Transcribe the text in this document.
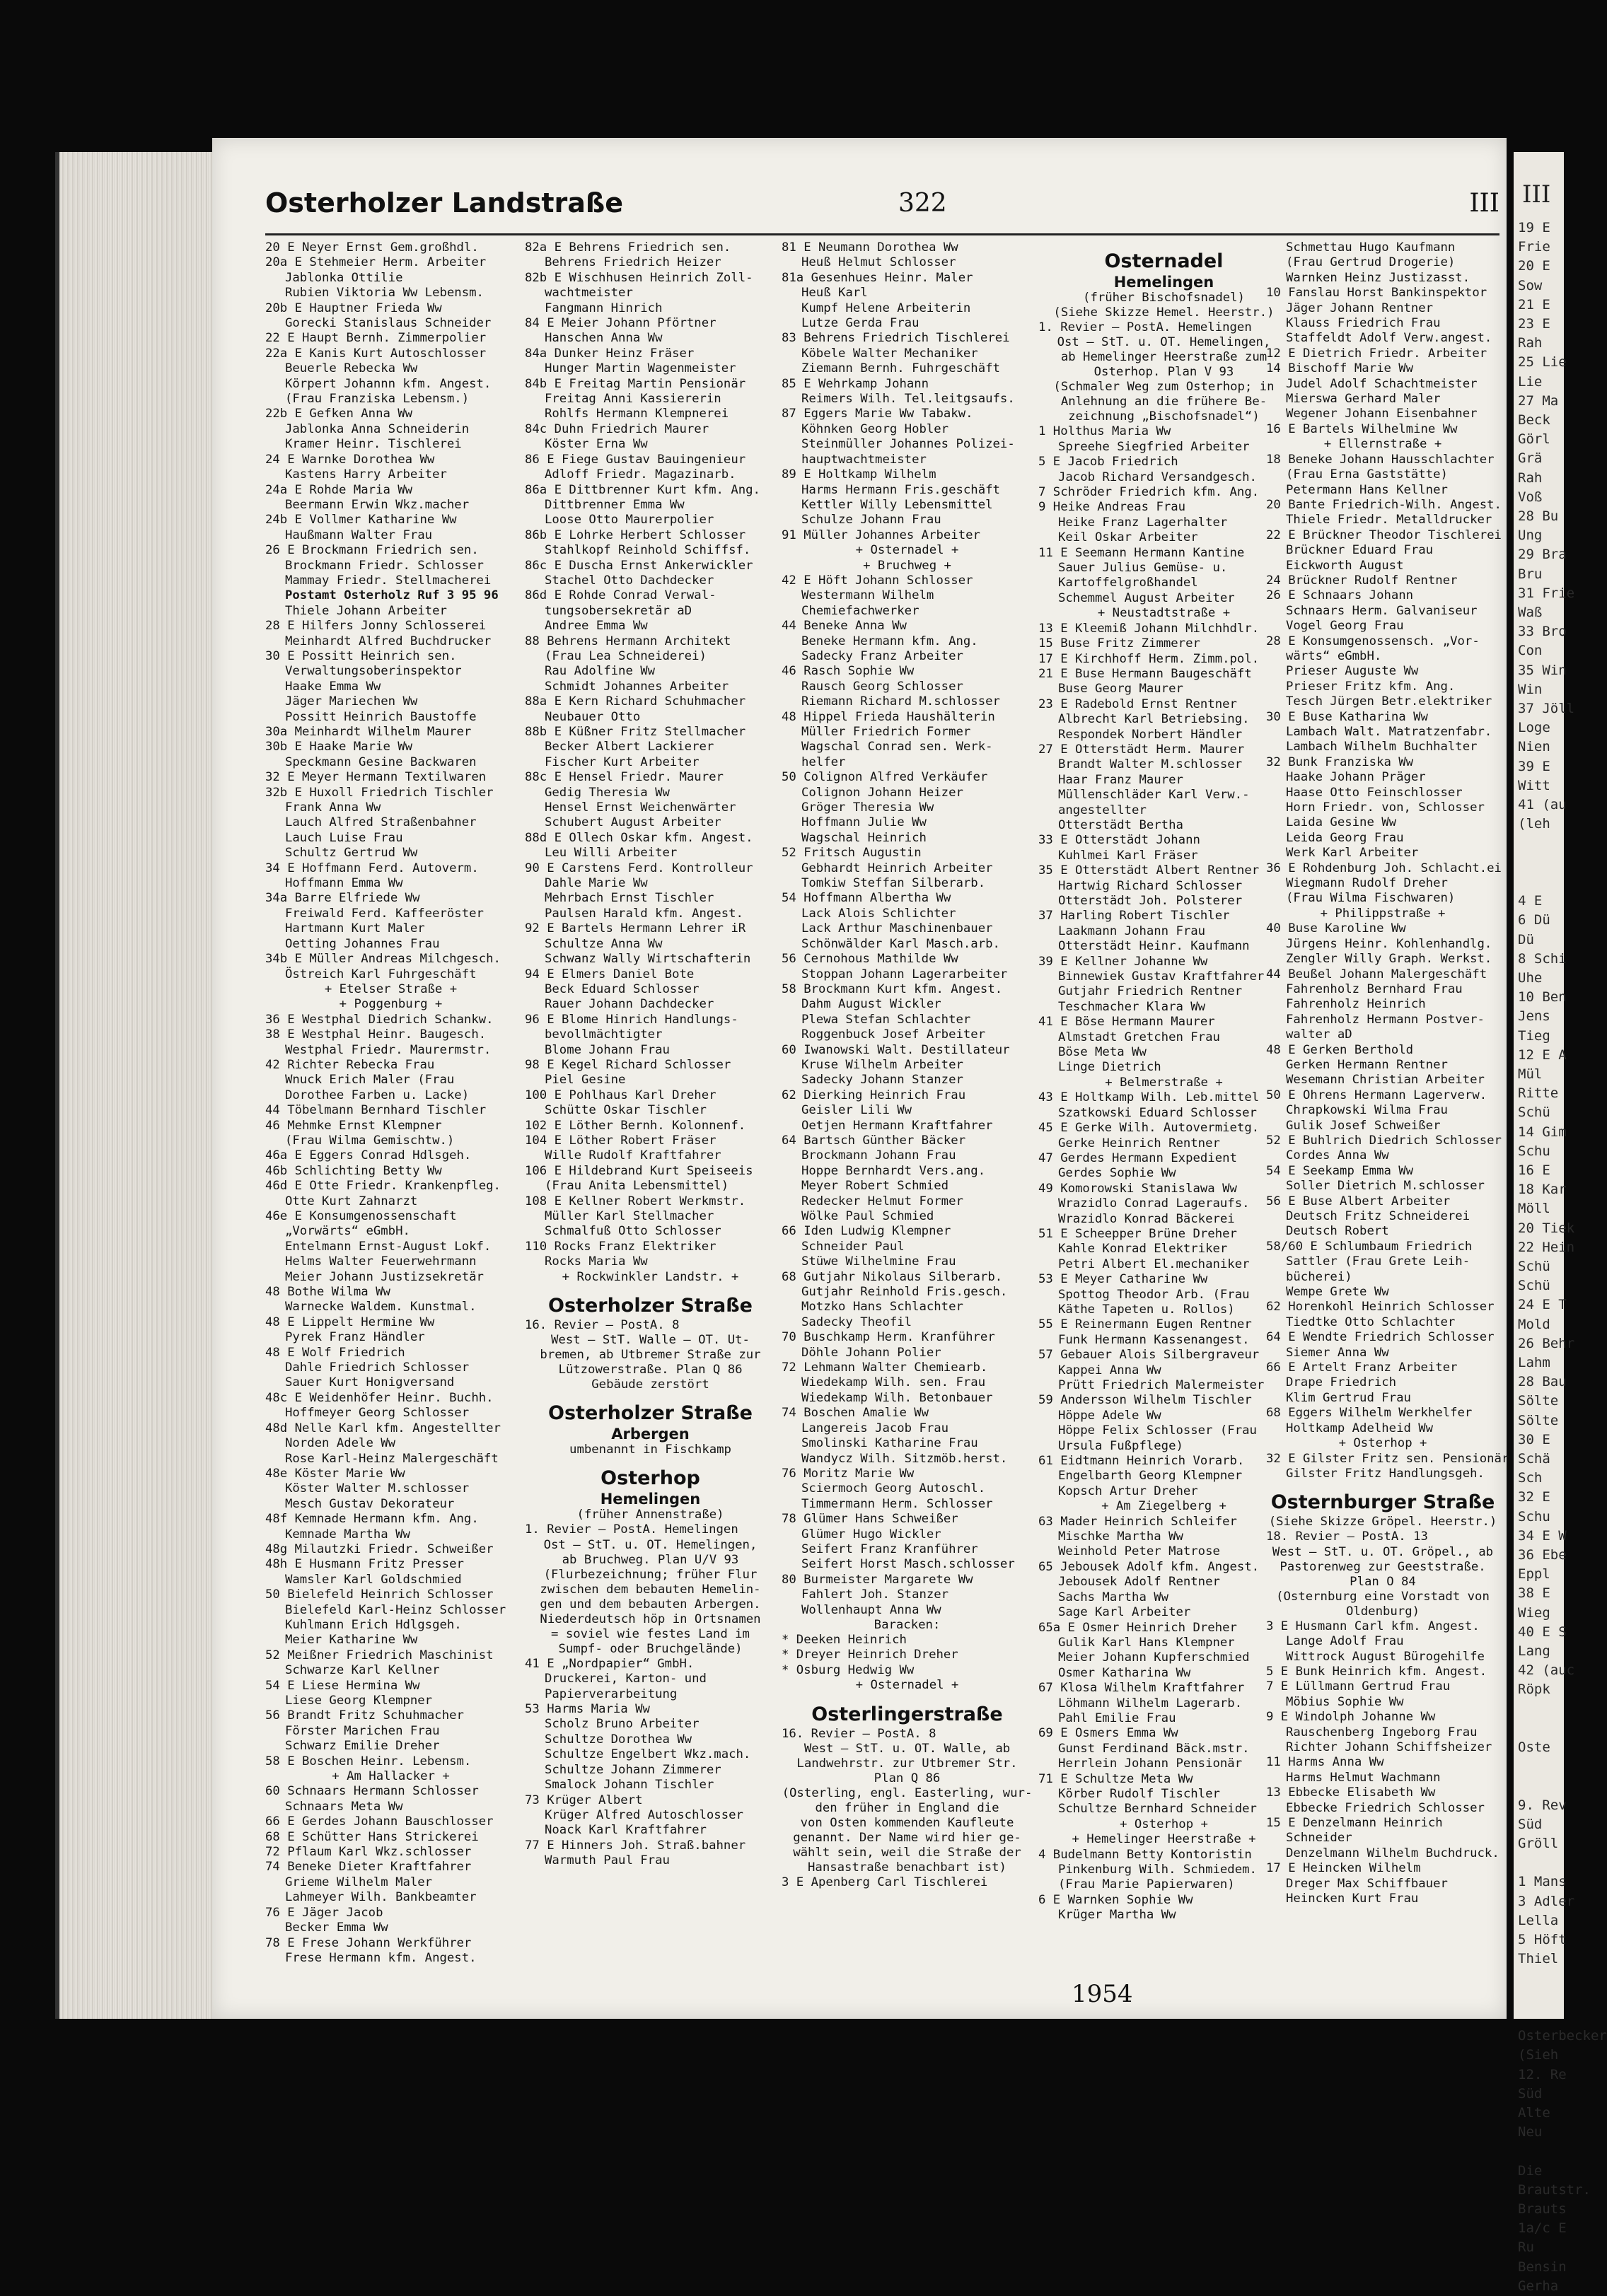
Osterholzer Landstraße	322	III
20 E Neyer Ernst Gem.großhdl.
20a E Stehmeier Herm. Arbeiter
Jablonka Ottilie
Rubien Viktoria Ww Lebensm.
20b E Hauptner Frieda Ww
Gorecki Stanislaus Schneider
22 E Haupt Bernh. Zimmerpolier
22a E Kanis Kurt Autoschlosser
Beuerle Rebecka Ww
Körpert Johannn kfm. Angest.
(Frau Franziska Lebensm.)
22b E Gefken Anna Ww
Jablonka Anna Schneiderin
Kramer Heinr. Tischlerei
24 E Warnke Dorothea Ww
Kastens Harry Arbeiter
24a E Rohde Maria Ww
Beermann Erwin Wkz.macher
24b E Vollmer Katharine Ww
Haußmann Walter Frau
26 E Brockmann Friedrich sen.
Brockmann Friedr. Schlosser
Mammay Friedr. Stellmacherei
Postamt Osterholz Ruf 3 95 96
Thiele Johann Arbeiter
28 E Hilfers Jonny Schlosserei
Meinhardt Alfred Buchdrucker
30 E Possitt Heinrich sen.
Verwaltungsoberinspektor
Haake Emma Ww
Jäger Mariechen Ww
Possitt Heinrich Baustoffe
30a Meinhardt Wilhelm Maurer
30b E Haake Marie Ww
Speckmann Gesine Backwaren
32 E Meyer Hermann Textilwaren
32b E Huxoll Friedrich Tischler
Frank Anna Ww
Lauch Alfred Straßenbahner
Lauch Luise Frau
Schultz Gertrud Ww
34 E Hoffmann Ferd. Autoverm.
Hoffmann Emma Ww
34a Barre Elfriede Ww
Freiwald Ferd. Kaffeeröster
Hartmann Kurt Maler
Oetting Johannes Frau
34b E Müller Andreas Milchgesch.
Östreich Karl Fuhrgeschäft
+ Etelser Straße +
+ Poggenburg +
36 E Westphal Diedrich Schankw.
38 E Westphal Heinr. Baugesch.
Westphal Friedr. Maurermstr.
42 Richter Rebecka Frau
Wnuck Erich Maler (Frau
Dorothee Farben u. Lacke)
44 Töbelmann Bernhard Tischler
46 Mehmke Ernst Klempner
(Frau Wilma Gemischtw.)
46a E Eggers Conrad Hdlsgeh.
46b Schlichting Betty Ww
46d E Otte Friedr. Krankenpfleg.
Otte Kurt Zahnarzt
46e E Konsumgenossenschaft
„Vorwärts“ eGmbH.
Entelmann Ernst-August Lokf.
Helms Walter Feuerwehrmann
Meier Johann Justizsekretär
48 Bothe Wilma Ww
Warnecke Waldem. Kunstmal.
48 E Lippelt Hermine Ww
Pyrek Franz Händler
48 E Wolf Friedrich
Dahle Friedrich Schlosser
Sauer Kurt Honigversand
48c E Weidenhöfer Heinr. Buchh.
Hoffmeyer Georg Schlosser
48d Nelle Karl kfm. Angestellter
Norden Adele Ww
Rose Karl-Heinz Malergeschäft
48e Köster Marie Ww
Köster Walter M.schlosser
Mesch Gustav Dekorateur
48f Kemnade Hermann kfm. Ang.
Kemnade Martha Ww
48g Milautzki Friedr. Schweißer
48h E Husmann Fritz Presser
Wamsler Karl Goldschmied
50 Bielefeld Heinrich Schlosser
Bielefeld Karl-Heinz Schlosser
Kuhlmann Erich Hdlgsgeh.
Meier Katharine Ww
52 Meißner Friedrich Maschinist
Schwarze Karl Kellner
54 E Liese Hermina Ww
Liese Georg Klempner
56 Brandt Fritz Schuhmacher
Förster Marichen Frau
Schwarz Emilie Dreher
58 E Boschen Heinr. Lebensm.
+ Am Hallacker +
60 Schnaars Hermann Schlosser
Schnaars Meta Ww
66 E Gerdes Johann Bauschlosser
68 E Schütter Hans Strickerei
72 Pflaum Karl Wkz.schlosser
74 Beneke Dieter Kraftfahrer
Grieme Wilhelm Maler
Lahmeyer Wilh. Bankbeamter
76 E Jäger Jacob
Becker Emma Ww
78 E Frese Johann Werkführer
Frese Hermann kfm. Angest.
82a E Behrens Friedrich sen.
Behrens Friedrich Heizer
82b E Wischhusen Heinrich Zoll-
wachtmeister
Fangmann Hinrich
84 E Meier Johann Pförtner
Hanschen Anna Ww
84a Dunker Heinz Fräser
Hunger Martin Wagenmeister
84b E Freitag Martin Pensionär
Freitag Anni Kassiererin
Rohlfs Hermann Klempnerei
84c Duhn Friedrich Maurer
Köster Erna Ww
86 E Fiege Gustav Bauingenieur
Adloff Friedr. Magazinarb.
86a E Dittbrenner Kurt kfm. Ang.
Dittbrenner Emma Ww
Loose Otto Maurerpolier
86b E Lohrke Herbert Schlosser
Stahlkopf Reinhold Schiffsf.
86c E Duscha Ernst Ankerwickler
Stachel Otto Dachdecker
86d E Rohde Conrad Verwal-
tungsobersekretär aD
Andree Emma Ww
88 Behrens Hermann Architekt
(Frau Lea Schneiderei)
Rau Adolfine Ww
Schmidt Johannes Arbeiter
88a E Kern Richard Schuhmacher
Neubauer Otto
88b E Küßner Fritz Stellmacher
Becker Albert Lackierer
Fischer Kurt Arbeiter
88c E Hensel Friedr. Maurer
Gedig Theresia Ww
Hensel Ernst Weichenwärter
Schubert August Arbeiter
88d E Ollech Oskar kfm. Angest.
Leu Willi Arbeiter
90 E Carstens Ferd. Kontrolleur
Dahle Marie Ww
Mehrbach Ernst Tischler
Paulsen Harald kfm. Angest.
92 E Bartels Hermann Lehrer iR
Schultze Anna Ww
Schwanz Wally Wirtschafterin
94 E Elmers Daniel Bote
Beck Eduard Schlosser
Rauer Johann Dachdecker
96 E Blome Hinrich Handlungs-
bevollmächtigter
Blome Johann Frau
98 E Kegel Richard Schlosser
Piel Gesine
100 E Pohlhaus Karl Dreher
Schütte Oskar Tischler
102 E Löther Bernh. Kolonnenf.
104 E Löther Robert Fräser
Wille Rudolf Kraftfahrer
106 E Hildebrand Kurt Speiseeis
(Frau Anita Lebensmittel)
108 E Kellner Robert Werkmstr.
Müller Karl Stellmacher
Schmalfuß Otto Schlosser
110 Rocks Franz Elektriker
Rocks Maria Ww
+ Rockwinkler Landstr. +
Osterholzer Straße
16. Revier — PostA. 8
West — StT. Walle — OT. Ut-
bremen, ab Utbremer Straße zur
Lützowerstraße. Plan Q 86
Gebäude zerstört
Osterholzer Straße
Arbergen
umbenannt in Fischkamp
Osterhop
Hemelingen
(früher Annenstraße)
1. Revier — PostA. Hemelingen
Ost — StT. u. OT. Hemelingen,
ab Bruchweg. Plan U/V 93
(Flurbezeichnung; früher Flur
zwischen dem bebauten Hemelin-
gen und dem bebauten Arbergen.
Niederdeutsch höp in Ortsnamen
= soviel wie festes Land im
Sumpf- oder Bruchgelände)
41 E „Nordpapier“ GmbH.
Druckerei, Karton- und
Papierverarbeitung
53 Harms Maria Ww
Scholz Bruno Arbeiter
Schultze Dorothea Ww
Schultze Engelbert Wkz.mach.
Schultze Johann Zimmerer
Smalock Johann Tischler
73 Krüger Albert
Krüger Alfred Autoschlosser
Noack Karl Kraftfahrer
77 E Hinners Joh. Straß.bahner
Warmuth Paul Frau
81 E Neumann Dorothea Ww
Heuß Helmut Schlosser
81a Gesenhues Heinr. Maler
Heuß Karl
Kumpf Helene Arbeiterin
Lutze Gerda Frau
83 Behrens Friedrich Tischlerei
Köbele Walter Mechaniker
Ziemann Bernh. Fuhrgeschäft
85 E Wehrkamp Johann
Reimers Wilh. Tel.leitgsaufs.
87 Eggers Marie Ww Tabakw.
Köhnken Georg Hobler
Steinmüller Johannes Polizei-
hauptwachtmeister
89 E Holtkamp Wilhelm
Harms Hermann Fris.geschäft
Kettler Willy Lebensmittel
Schulze Johann Frau
91 Müller Johannes Arbeiter
+ Osternadel +
+ Bruchweg +
42 E Höft Johann Schlosser
Westermann Wilhelm
Chemiefachwerker
44 Beneke Anna Ww
Beneke Hermann kfm. Ang.
Sadecky Franz Arbeiter
46 Rasch Sophie Ww
Rausch Georg Schlosser
Riemann Richard M.schlosser
48 Hippel Frieda Haushälterin
Müller Friedrich Former
Wagschal Conrad sen. Werk-
helfer
50 Colignon Alfred Verkäufer
Colignon Johann Heizer
Gröger Theresia Ww
Hoffmann Julie Ww
Wagschal Heinrich
52 Fritsch Augustin
Gebhardt Heinrich Arbeiter
Tomkiw Steffan Silberarb.
54 Hoffmann Albertha Ww
Lack Alois Schlichter
Lack Arthur Maschinenbauer
Schönwälder Karl Masch.arb.
56 Cernohous Mathilde Ww
Stoppan Johann Lagerarbeiter
58 Brockmann Kurt kfm. Angest.
Dahm August Wickler
Plewa Stefan Schlachter
Roggenbuck Josef Arbeiter
60 Iwanowski Walt. Destillateur
Kruse Wilhelm Arbeiter
Sadecky Johann Stanzer
62 Dierking Heinrich Frau
Geisler Lili Ww
Oetjen Hermann Kraftfahrer
64 Bartsch Günther Bäcker
Brockmann Johann Frau
Hoppe Bernhardt Vers.ang.
Meyer Robert Schmied
Redecker Helmut Former
Wölke Paul Schmied
66 Iden Ludwig Klempner
Schneider Paul
Stüwe Wilhelmine Frau
68 Gutjahr Nikolaus Silberarb.
Gutjahr Reinhold Fris.gesch.
Motzko Hans Schlachter
Sadecky Theofil
70 Buschkamp Herm. Kranführer
Döhle Johann Polier
72 Lehmann Walter Chemiearb.
Wiedekamp Wilh. sen. Frau
Wiedekamp Wilh. Betonbauer
74 Boschen Amalie Ww
Langereis Jacob Frau
Smolinski Katharine Frau
Wandycz Wilh. Sitzmöb.herst.
76 Moritz Marie Ww
Sciermoch Georg Autoschl.
Timmermann Herm. Schlosser
78 Glümer Hans Schweißer
Glümer Hugo Wickler
Seifert Franz Kranführer
Seifert Horst Masch.schlosser
80 Burmeister Margarete Ww
Fahlert Joh. Stanzer
Wollenhaupt Anna Ww
Baracken:
* Deeken Heinrich
* Dreyer Heinrich Dreher
* Osburg Hedwig Ww
+ Osternadel +
Osterlingerstraße
16. Revier — PostA. 8
West — StT. u. OT. Walle, ab
Landwehrstr. zur Utbremer Str.
Plan Q 86
(Osterling, engl. Easterling, wur-
den früher in England die
von Osten kommenden Kaufleute
genannt. Der Name wird hier ge-
wählt sein, weil die Straße der
Hansastraße benachbart ist)
3 E Apenberg Carl Tischlerei
Osternadel
Hemelingen
(früher Bischofsnadel)
(Siehe Skizze Hemel. Heerstr.)
1. Revier — PostA. Hemelingen
Ost — StT. u. OT. Hemelingen,
ab Hemelinger Heerstraße zum
Osterhop. Plan V 93
(Schmaler Weg zum Osterhop; in
Anlehnung an die frühere Be-
zeichnung „Bischofsnadel“)
1 Holthus Maria Ww
Spreehe Siegfried Arbeiter
5 E Jacob Friedrich
Jacob Richard Versandgesch.
7 Schröder Friedrich kfm. Ang.
9 Heike Andreas Frau
Heike Franz Lagerhalter
Keil Oskar Arbeiter
11 E Seemann Hermann Kantine
Sauer Julius Gemüse- u.
Kartoffelgroßhandel
Schemmel August Arbeiter
+ Neustadtstraße +
13 E Kleemiß Johann Milchhdlr.
15 Buse Fritz Zimmerer
17 E Kirchhoff Herm. Zimm.pol.
21 E Buse Hermann Baugeschäft
Buse Georg Maurer
23 E Radebold Ernst Rentner
Albrecht Karl Betriebsing.
Respondek Norbert Händler
27 E Otterstädt Herm. Maurer
Brandt Walter M.schlosser
Haar Franz Maurer
Müllenschläder Karl Verw.-
angestellter
Otterstädt Bertha
33 E Otterstädt Johann
Kuhlmei Karl Fräser
35 E Otterstädt Albert Rentner
Hartwig Richard Schlosser
Otterstädt Joh. Polsterer
37 Harling Robert Tischler
Laakmann Johann Frau
Otterstädt Heinr. Kaufmann
39 E Kellner Johanne Ww
Binnewiek Gustav Kraftfahrer
Gutjahr Friedrich Rentner
Teschmacher Klara Ww
41 E Böse Hermann Maurer
Almstadt Gretchen Frau
Böse Meta Ww
Linge Dietrich
+ Belmerstraße +
43 E Holtkamp Wilh. Leb.mittel
Szatkowski Eduard Schlosser
45 E Gerke Wilh. Autovermietg.
Gerke Heinrich Rentner
47 Gerdes Hermann Expedient
Gerdes Sophie Ww
49 Komorowski Stanislawa Ww
Wrazidlo Conrad Lageraufs.
Wrazidlo Konrad Bäckerei
51 E Scheepper Brüne Dreher
Kahle Konrad Elektriker
Petri Albert El.mechaniker
53 E Meyer Catharine Ww
Spottog Theodor Arb. (Frau
Käthe Tapeten u. Rollos)
55 E Reinermann Eugen Rentner
Funk Hermann Kassenangest.
57 Gebauer Alois Silbergraveur
Kappei Anna Ww
Prütt Friedrich Malermeister
59 Andersson Wilhelm Tischler
Höppe Adele Ww
Höppe Felix Schlosser (Frau
Ursula Fußpflege)
61 Eidtmann Heinrich Vorarb.
Engelbarth Georg Klempner
Kopsch Artur Dreher
+ Am Ziegelberg +
63 Mader Heinrich Schleifer
Mischke Martha Ww
Weinhold Peter Matrose
65 Jebousek Adolf kfm. Angest.
Jebousek Adolf Rentner
Sachs Martha Ww
Sage Karl Arbeiter
65a E Osmer Heinrich Dreher
Gulik Karl Hans Klempner
Meier Johann Kupferschmied
Osmer Katharina Ww
67 Klosa Wilhelm Kraftfahrer
Löhmann Wilhelm Lagerarb.
Pahl Emilie Frau
69 E Osmers Emma Ww
Gunst Ferdinand Bäck.mstr.
Herrlein Johann Pensionär
71 E Schultze Meta Ww
Körber Rudolf Tischler
Schultze Bernhard Schneider
+ Osterhop +
+ Hemelinger Heerstraße +
4 Budelmann Betty Kontoristin
Pinkenburg Wilh. Schmiedem.
(Frau Marie Papierwaren)
6 E Warnken Sophie Ww
Krüger Martha Ww
Schmettau Hugo Kaufmann
(Frau Gertrud Drogerie)
Warnken Heinz Justizasst.
10 Fanslau Horst Bankinspektor
Jäger Johann Rentner
Klauss Friedrich Frau
Staffeldt Adolf Verw.angest.
12 E Dietrich Friedr. Arbeiter
14 Bischoff Marie Ww
Judel Adolf Schachtmeister
Mierswa Gerhard Maler
Wegener Johann Eisenbahner
16 E Bartels Wilhelmine Ww
+ Ellernstraße +
18 Beneke Johann Hausschlachter
(Frau Erna Gaststätte)
Petermann Hans Kellner
20 Bante Friedrich-Wilh. Angest.
Thiele Friedr. Metalldrucker
22 E Brückner Theodor Tischlerei
Brückner Eduard Frau
Eickworth August
24 Brückner Rudolf Rentner
26 E Schnaars Johann
Schnaars Herm. Galvaniseur
Vogel Georg Frau
28 E Konsumgenossensch. „Vor-
wärts“ eGmbH.
Prieser Auguste Ww
Prieser Fritz kfm. Ang.
Tesch Jürgen Betr.elektriker
30 E Buse Katharina Ww
Lambach Walt. Matratzenfabr.
Lambach Wilhelm Buchhalter
32 Bunk Franziska Ww
Haake Johann Präger
Haase Otto Feinschlosser
Horn Friedr. von, Schlosser
Laida Gesine Ww
Leida Georg Frau
Werk Karl Arbeiter
36 E Rohdenburg Joh. Schlacht.ei
Wiegmann Rudolf Dreher
(Frau Wilma Fischwaren)
+ Philippstraße +
40 Buse Karoline Ww
Jürgens Heinr. Kohlenhandlg.
Zengler Willy Graph. Werkst.
44 Beußel Johann Malergeschäft
Fahrenholz Bernhard Frau
Fahrenholz Heinrich
Fahrenholz Hermann Postver-
walter aD
48 E Gerken Berthold
Gerken Hermann Rentner
Wesemann Christian Arbeiter
50 E Ohrens Hermann Lagerverw.
Chrapkowski Wilma Frau
Gulik Josef Schweißer
52 E Buhlrich Diedrich Schlosser
Cordes Anna Ww
54 E Seekamp Emma Ww
Soller Dietrich M.schlosser
56 E Buse Albert Arbeiter
Deutsch Fritz Schneiderei
Deutsch Robert
58/60 E Schlumbaum Friedrich
Sattler (Frau Grete Leih-
bücherei)
Wempe Grete Ww
62 Horenkohl Heinrich Schlosser
Tiedtke Otto Schlachter
64 E Wendte Friedrich Schlosser
Siemer Anna Ww
66 E Artelt Franz Arbeiter
Drape Friedrich
Klim Gertrud Frau
68 Eggers Wilhelm Werkhelfer
Holtkamp Adelheid Ww
+ Osterhop +
32 E Gilster Fritz sen. Pensionär
Gilster Fritz Handlungsgeh.
Osternburger Straße
(Siehe Skizze Gröpel. Heerstr.)
18. Revier — PostA. 13
West — StT. u. OT. Gröpel., ab
Pastorenweg zur Geeststraße.
Plan O 84
(Osternburg eine Vorstadt von
Oldenburg)
3 E Husmann Carl kfm. Angest.
Lange Adolf Frau
Wittrock August Bürogehilfe
5 E Bunk Heinrich kfm. Angest.
7 E Lüllmann Gertrud Frau
Möbius Sophie Ww
9 E Windolph Johanne Ww
Rauschenberg Ingeborg Frau
Richter Johann Schiffsheizer
11 Harms Anna Ww
Harms Helmut Wachmann
13 Ebbecke Elisabeth Ww
Ebbecke Friedrich Schlosser
15 E Denzelmann Heinrich
Schneider
Denzelmann Wilhelm Buchdruck.
17 E Heincken Wilhelm
Dreger Max Schiffbauer
Heincken Kurt Frau
1954
III
19 E
Frie
20 E
Sow
21 E
23 E
Rah
25 Lie
Lie
27 Ma
Beck
Görl
Grä
Rah
Voß
28 Bu
Ung
29 Bra
Bru
31 Frie
Waß
33 Bro
Con
35 Win
Win
37 Jöll
Loge
Nien
39 E
Witt
41 (au
(leh

4 E
6 Dü
Dü
8 Schi
Uhe
10 Ben
Jens
Tieg
12 E A
Mül
Ritte
Schü
14 Gim
Schu
16 E
18 Kar
Möll
20 Tiek
22 Hein
Schü
Schü
24 E T
Mold
26 Behr
Lahm
28 Bau
Sölte
Sölte
30 E
Schä
Sch
32 E
Schu
34 E W
36 Ebe
Eppl
38 E
Wieg
40 E S
Lang
42 (auc
Röpk

Oste

9. Rev
Süd
Gröll

1 Mans
3 Adler
Lella
5 Höft
Thiel

Osterbecker
(Sieh
12. Re
Süd
Alte
Neu

Die
Brautstr.
Brauts
1a/c E
Ru
Bensin
Gerha
